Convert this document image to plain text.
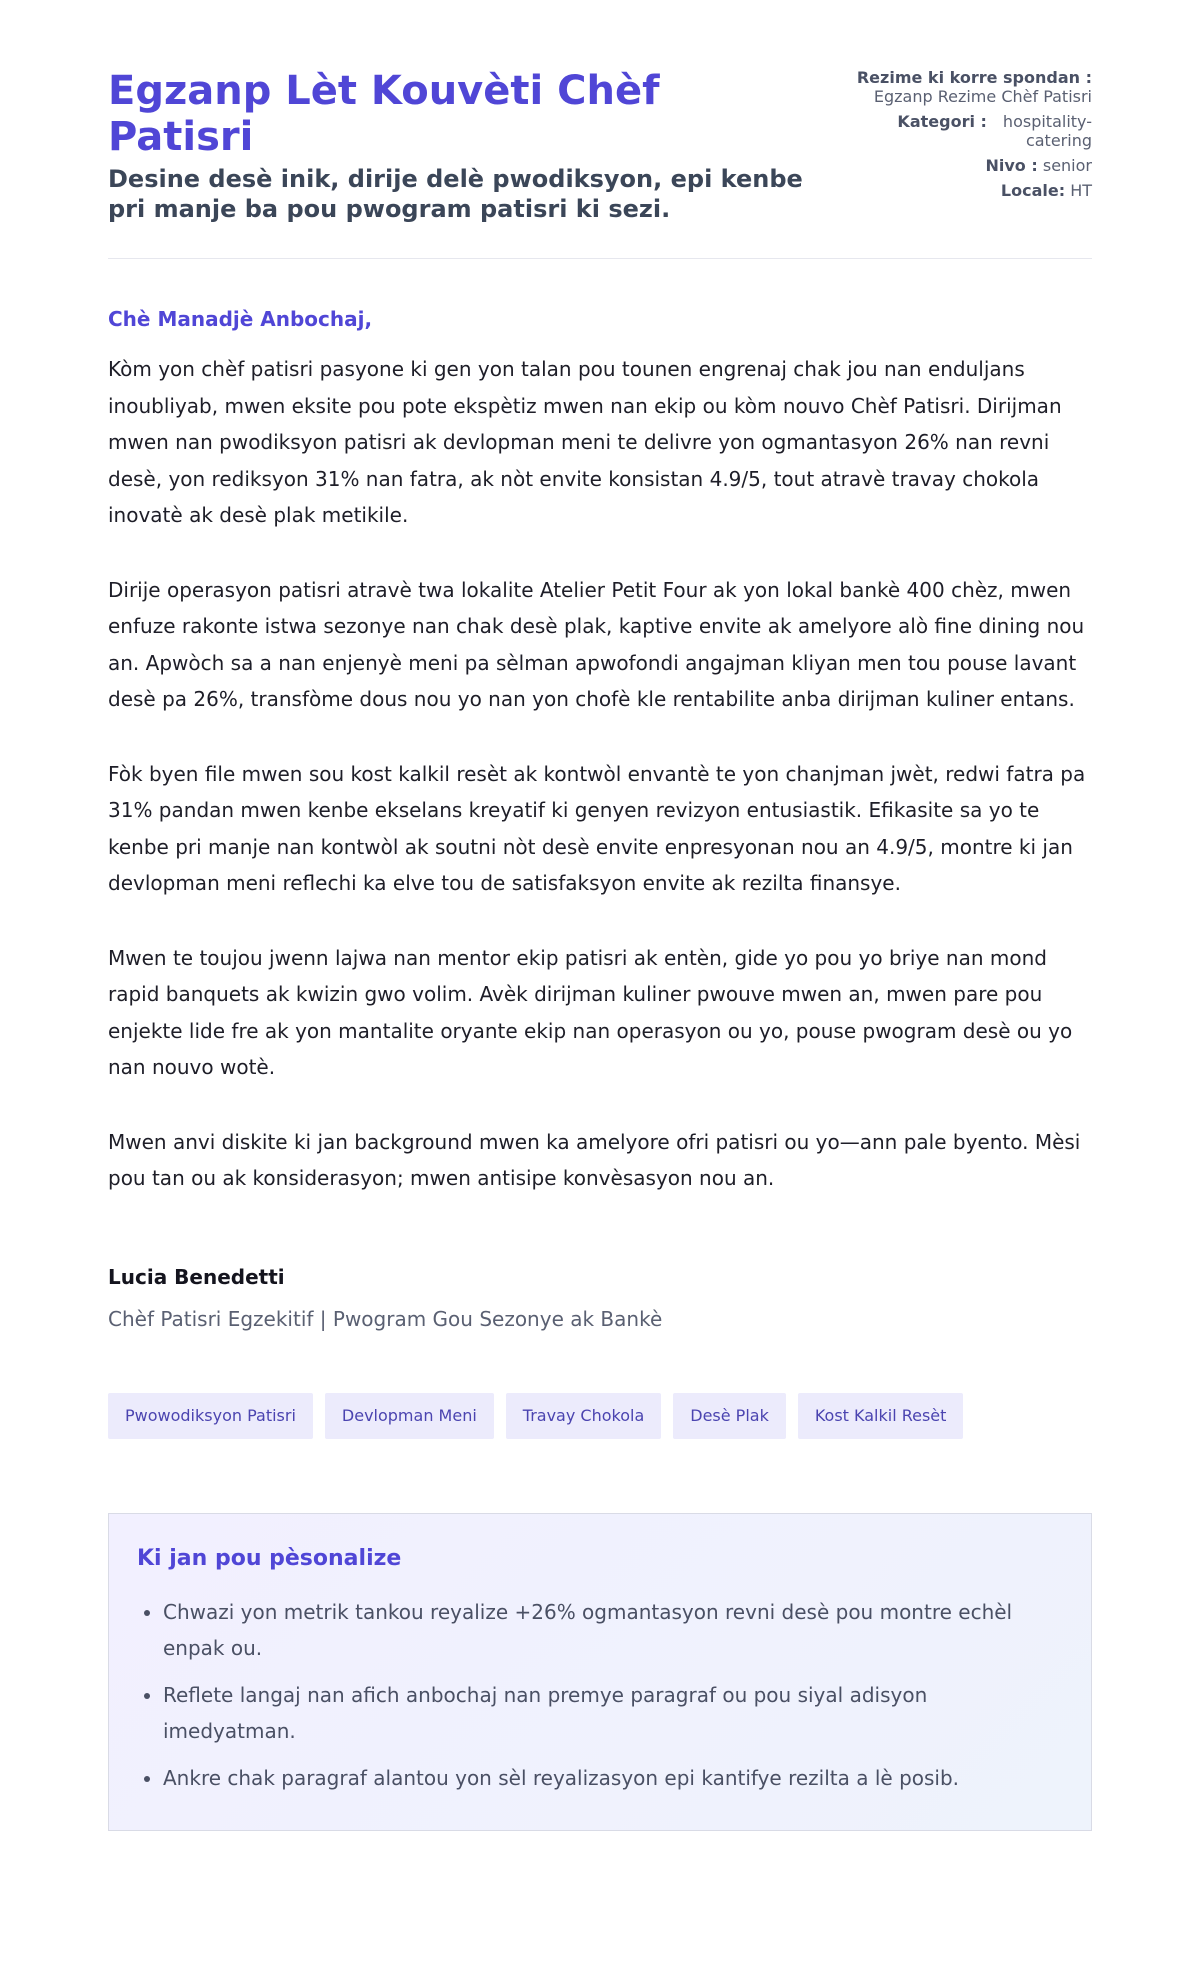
Egzanp Lèt Kouvèti Chèf Patisri
Desine desè inik, dirije delè pwodiksyon, epi kenbe pri manje ba pou pwogram patisri ki sezi.
Rezime ki korre spondan :
Egzanp Rezime Chèf Patisri
Kategori : hospitality-catering
Nivo : senior
Locale: HT
Chè Manadjè Anbochaj,

Kòm yon chèf patisri pasyone ki gen yon talan pou tounen engrenaj chak jou nan enduljans inoubliyab, mwen eksite pou pote ekspètiz mwen nan ekip ou kòm nouvo Chèf Patisri. Dirijman mwen nan pwodiksyon patisri ak devlopman meni te delivre yon ogmantasyon 26% nan revni desè, yon rediksyon 31% nan fatra, ak nòt envite konsistan 4.9/5, tout atravè travay chokola inovatè ak desè plak metikile.

Dirije operasyon patisri atravè twa lokalite Atelier Petit Four ak yon lokal bankè 400 chèz, mwen enfuze rakonte istwa sezonye nan chak desè plak, kaptive envite ak amelyore alò fine dining nou an. Apwòch sa a nan enjenyè meni pa sèlman apwofondi angajman kliyan men tou pouse lavant desè pa 26%, transfòme dous nou yo nan yon chofè kle rentabilite anba dirijman kuliner entans.

Fòk byen file mwen sou kost kalkil resèt ak kontwòl envantè te yon chanjman jwèt, redwi fatra pa 31% pandan mwen kenbe ekselans kreyatif ki genyen revizyon entusiastik. Efikasite sa yo te kenbe pri manje nan kontwòl ak soutni nòt desè envite enpresyonan nou an 4.9/5, montre ki jan devlopman meni reflechi ka elve tou de satisfaksyon envite ak rezilta finansye.

Mwen te toujou jwenn lajwa nan mentor ekip patisri ak entèn, gide yo pou yo briye nan mond rapid banquets ak kwizin gwo volim. Avèk dirijman kuliner pwouve mwen an, mwen pare pou enjekte lide fre ak yon mantalite oryante ekip nan operasyon ou yo, pouse pwogram desè ou yo nan nouvo wotè.

Mwen anvi diskite ki jan background mwen ka amelyore ofri patisri ou yo—ann pale byento. Mèsi pou tan ou ak konsiderasyon; mwen antisipe konvèsasyon nou an.

Lucia Benedetti
Chèf Patisri Egzekitif | Pwogram Gou Sezonye ak Bankè
Pwowodiksyon Patisri	Devlopman Meni	Travay Chokola	Desè Plak	Kost Kalkil Resèt
Ki jan pou pèsonalize
• Chwazi yon metrik tankou reyalize +26% ogmantasyon revni desè pou montre echèl enpak ou.
• Reflete langaj nan afich anbochaj nan premye paragraf ou pou siyal adisyon imedyatman.
• Ankre chak paragraf alantou yon sèl reyalizasyon epi kantifye rezilta a lè posib.
